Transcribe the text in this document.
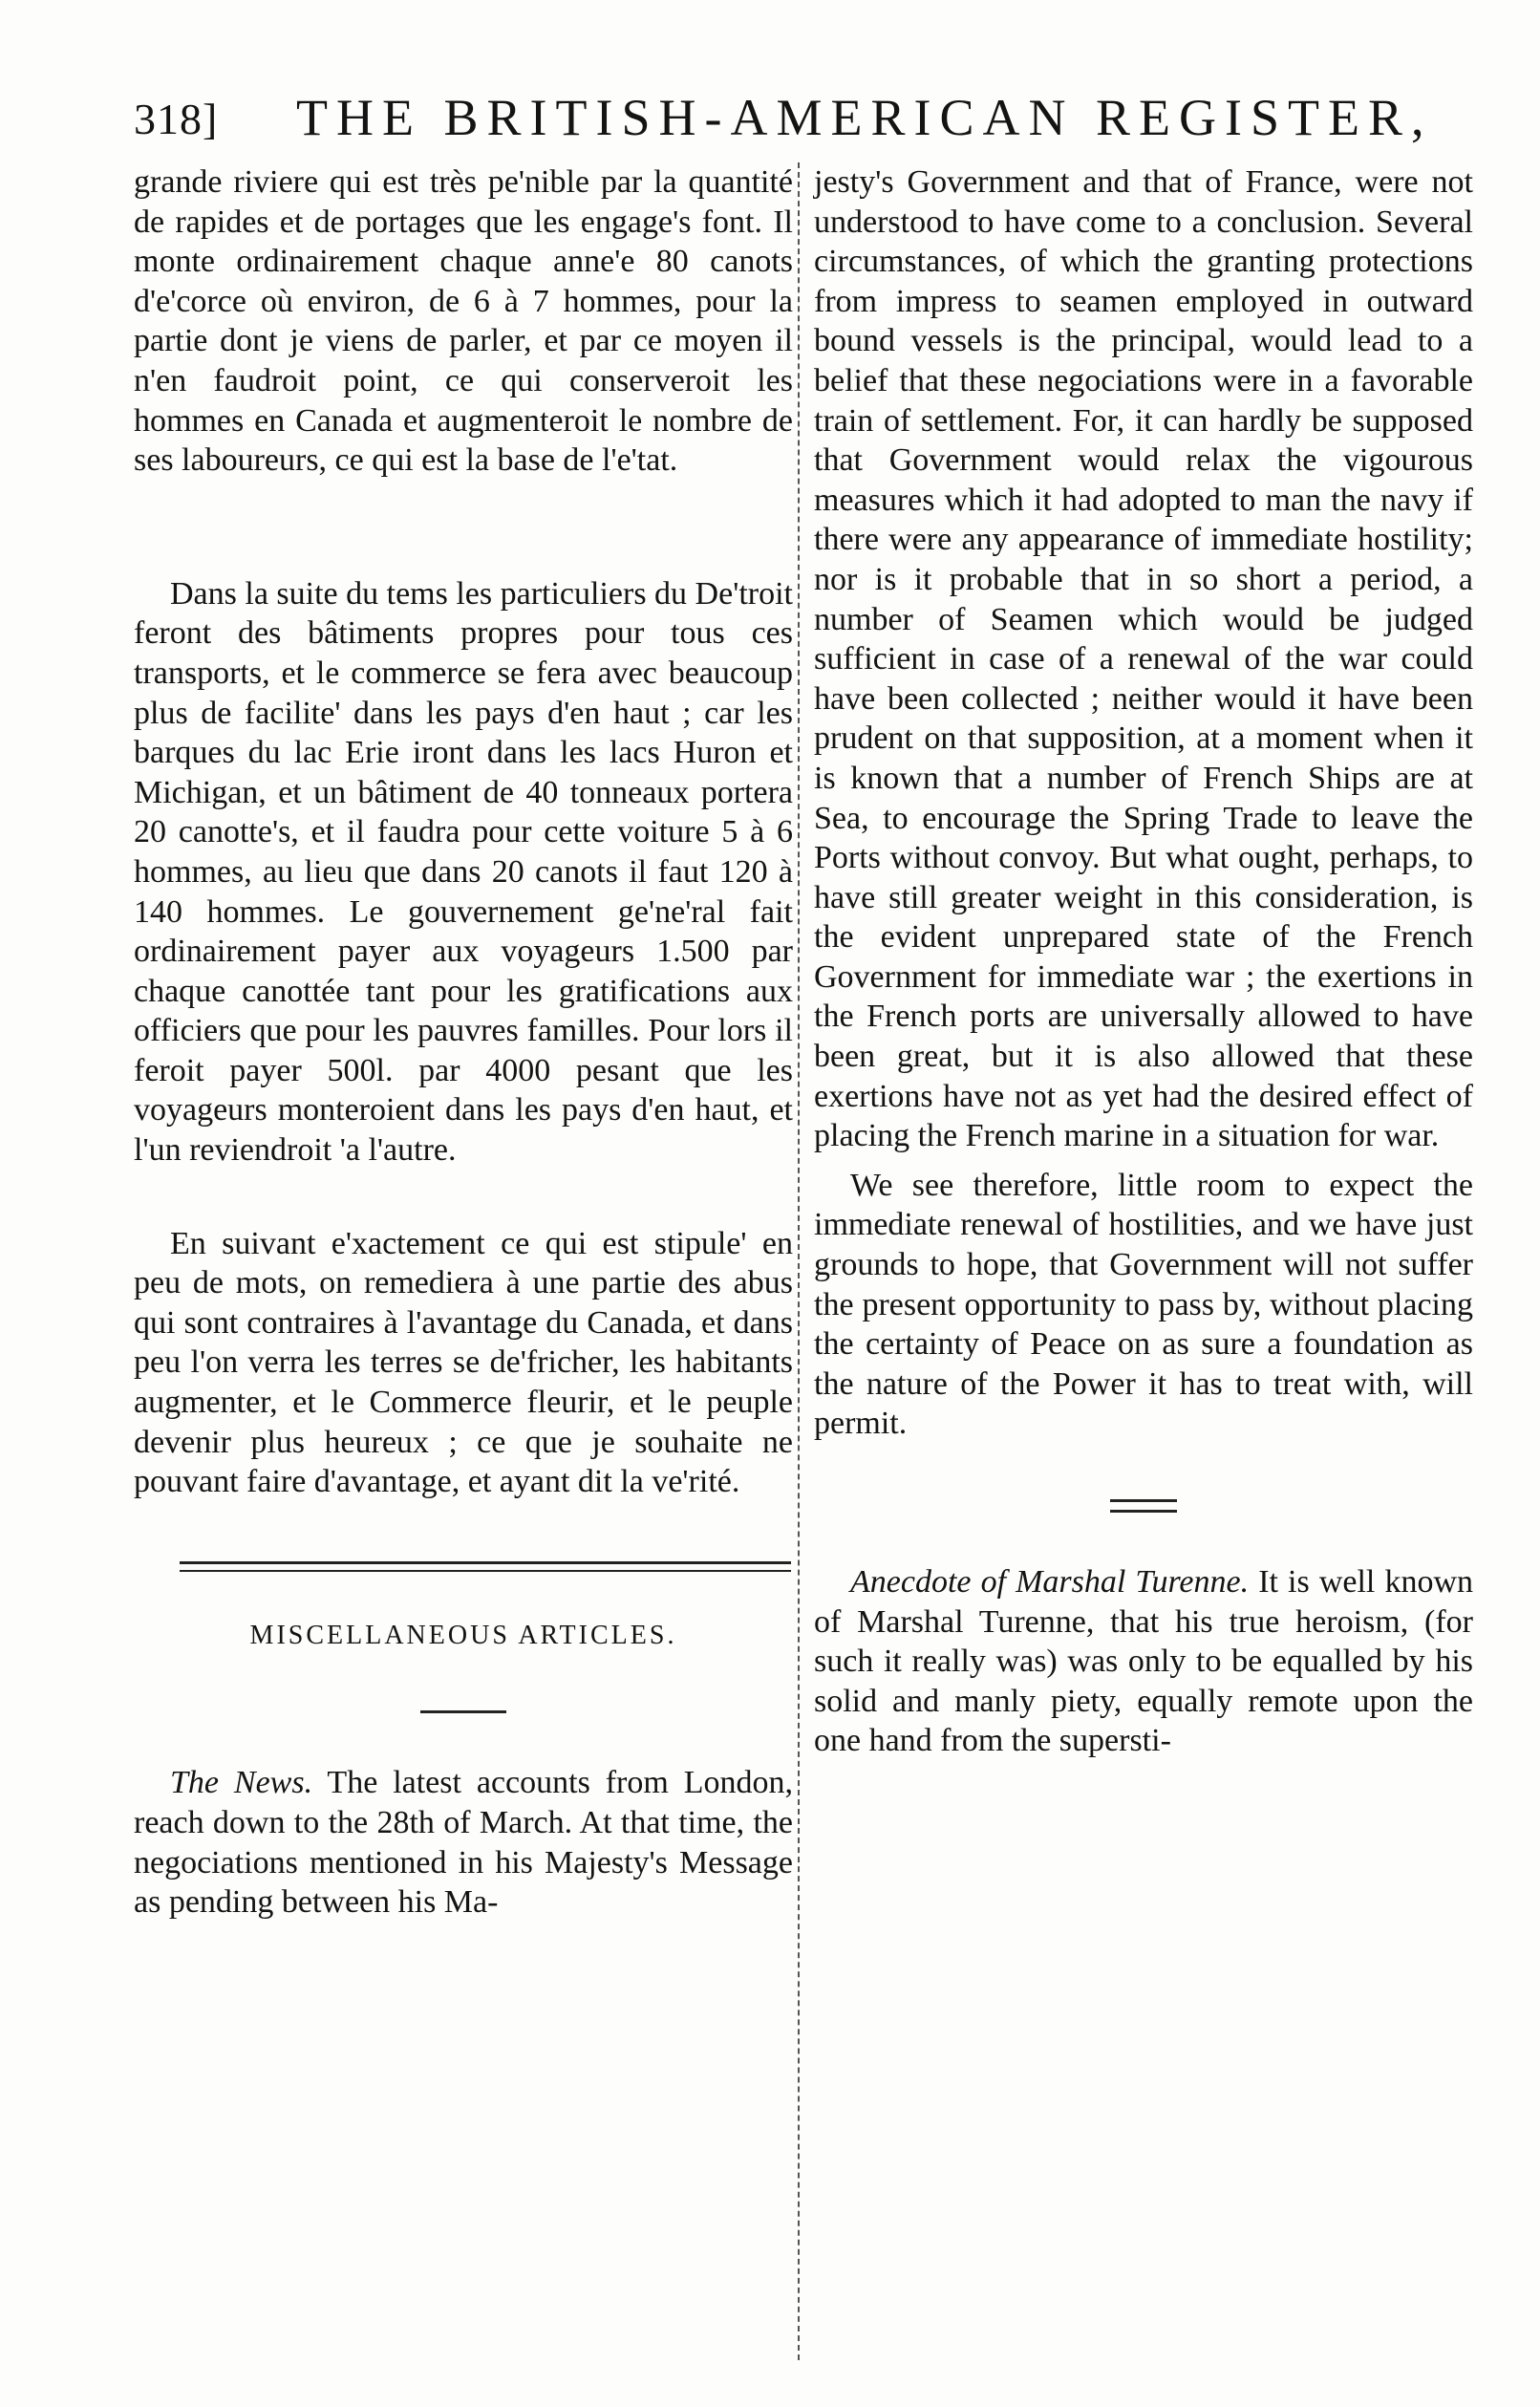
318] THE BRITISH-AMERICAN REGISTER,

grande riviere qui est très pe'nible par la quantité de rapides et de portages que les engage's font. Il monte ordinairement chaque anne'e 80 canots d'e'corce où environ, de 6 à 7 hommes, pour la partie dont je viens de parler, et par ce moyen il n'en faudroit point, ce qui conserveroit les hommes en Canada et augmenteroit le nombre de ses laboureurs, ce qui est la base de l'e'tat.

Dans la suite du tems les particuliers du De'troit feront des bâtiments propres pour tous ces transports, et le commerce se fera avec beaucoup plus de facilite' dans les pays d'en haut ; car les barques du lac Erie iront dans les lacs Huron et Michigan, et un bâtiment de 40 tonneaux portera 20 canotte's, et il faudra pour cette voiture 5 à 6 hommes, au lieu que dans 20 canots il faut 120 à 140 hommes. Le gouvernement ge'ne'ral fait ordinairement payer aux voyageurs 1.500 par chaque canottée tant pour les gratifications aux officiers que pour les pauvres familles. Pour lors il feroit payer 500l. par 4000 pesant que les voyageurs monteroient dans les pays d'en haut, et l'un reviendroit 'a l'autre.

En suivant e'xactement ce qui est stipule' en peu de mots, on remediera à une partie des abus qui sont contraires à l'avantage du Canada, et dans peu l'on verra les terres se de'fricher, les habitants augmenter, et le Commerce fleurir, et le peuple devenir plus heureux ; ce que je souhaite ne pouvant faire d'avantage, et ayant dit la ve'rité.

MISCELLANEOUS ARTICLES.

The News. The latest accounts from London, reach down to the 28th of March. At that time, the negociations mentioned in his Majesty's Message as pending between his Ma-

jesty's Government and that of France, were not understood to have come to a conclusion. Several circumstances, of which the granting protections from impress to seamen employed in outward bound vessels is the principal, would lead to a belief that these negociations were in a favorable train of settlement. For, it can hardly be supposed that Government would relax the vigourous measures which it had adopted to man the navy if there were any appearance of immediate hostility; nor is it probable that in so short a period, a number of Seamen which would be judged sufficient in case of a renewal of the war could have been collected ; neither would it have been prudent on that supposition, at a moment when it is known that a number of French Ships are at Sea, to encourage the Spring Trade to leave the Ports without convoy. But what ought, perhaps, to have still greater weight in this consideration, is the evident unprepared state of the French Government for immediate war ; the exertions in the French ports are universally allowed to have been great, but it is also allowed that these exertions have not as yet had the desired effect of placing the French marine in a situation for war.

We see therefore, little room to expect the immediate renewal of hostilities, and we have just grounds to hope, that Government will not suffer the present opportunity to pass by, without placing the certainty of Peace on as sure a foundation as the nature of the Power it has to treat with, will permit.

Anecdote of Marshal Turenne. It is well known of Marshal Turenne, that his true heroism, (for such it really was) was only to be equalled by his solid and manly piety, equally remote upon the one hand from the supersti-
